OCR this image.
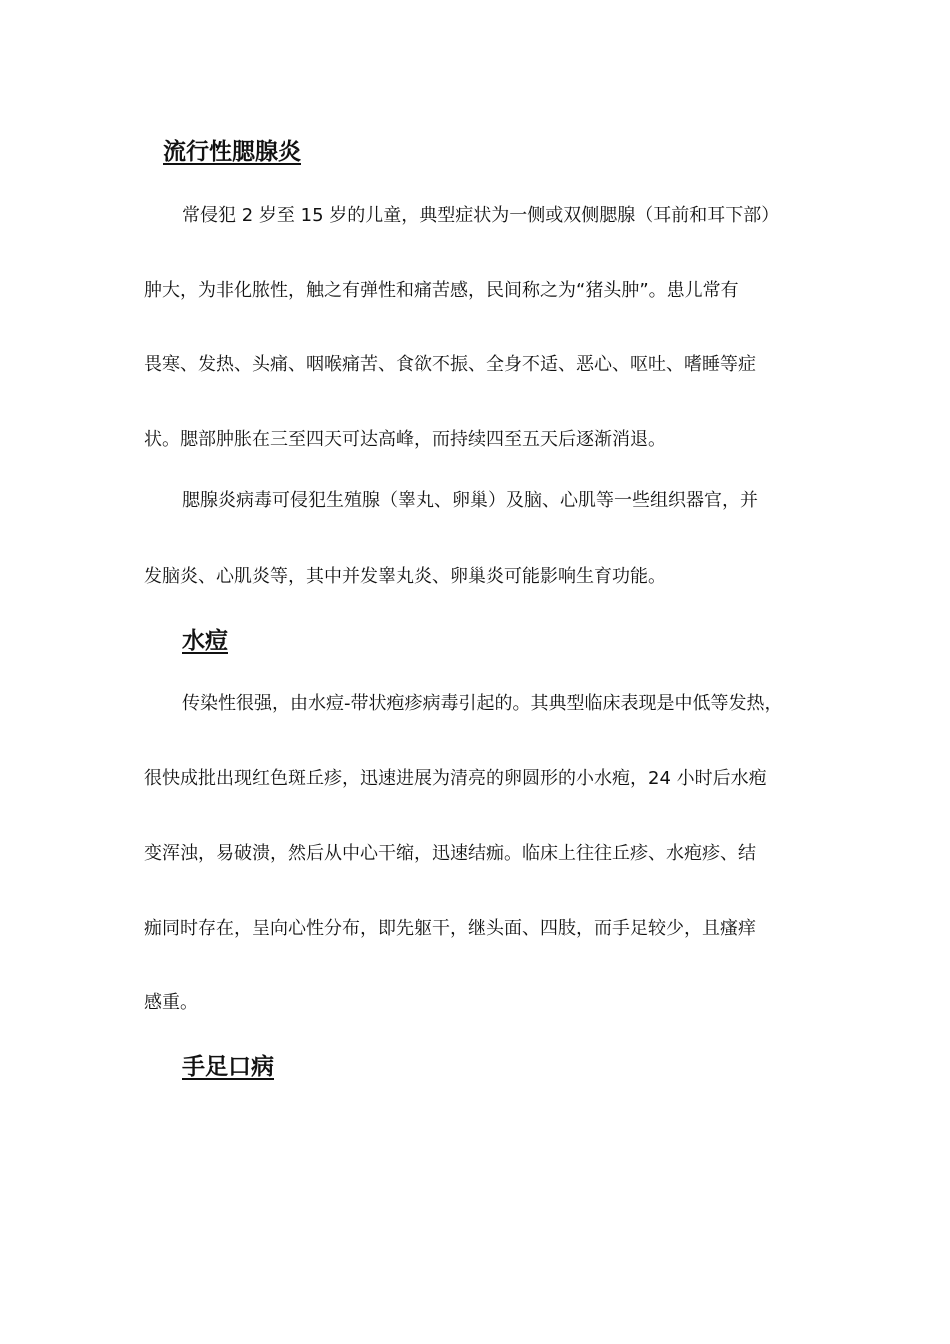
流行性腮腺炎
常侵犯 2 岁至 15 岁的儿童，典型症状为一侧或双侧腮腺（耳前和耳下部）
肿大，为非化脓性，触之有弹性和痛苦感，民间称之为“猪头肿”。患儿常有
畏寒、发热、头痛、咽喉痛苦、食欲不振、全身不适、恶心、呕吐、嗜睡等症
状。腮部肿胀在三至四天可达高峰，而持续四至五天后逐渐消退。
腮腺炎病毒可侵犯生殖腺（睾丸、卵巢）及脑、心肌等一些组织器官，并
发脑炎、心肌炎等，其中并发睾丸炎、卵巢炎可能影响生育功能。
水痘
传染性很强，由水痘-带状疱疹病毒引起的。其典型临床表现是中低等发热，
很快成批出现红色斑丘疹，迅速进展为清亮的卵圆形的小水疱，24 小时后水疱
变浑浊，易破溃，然后从中心干缩，迅速结痂。临床上往往丘疹、水疱疹、结
痂同时存在，呈向心性分布，即先躯干，继头面、四肢，而手足较少，且瘙痒
感重。
手足口病
